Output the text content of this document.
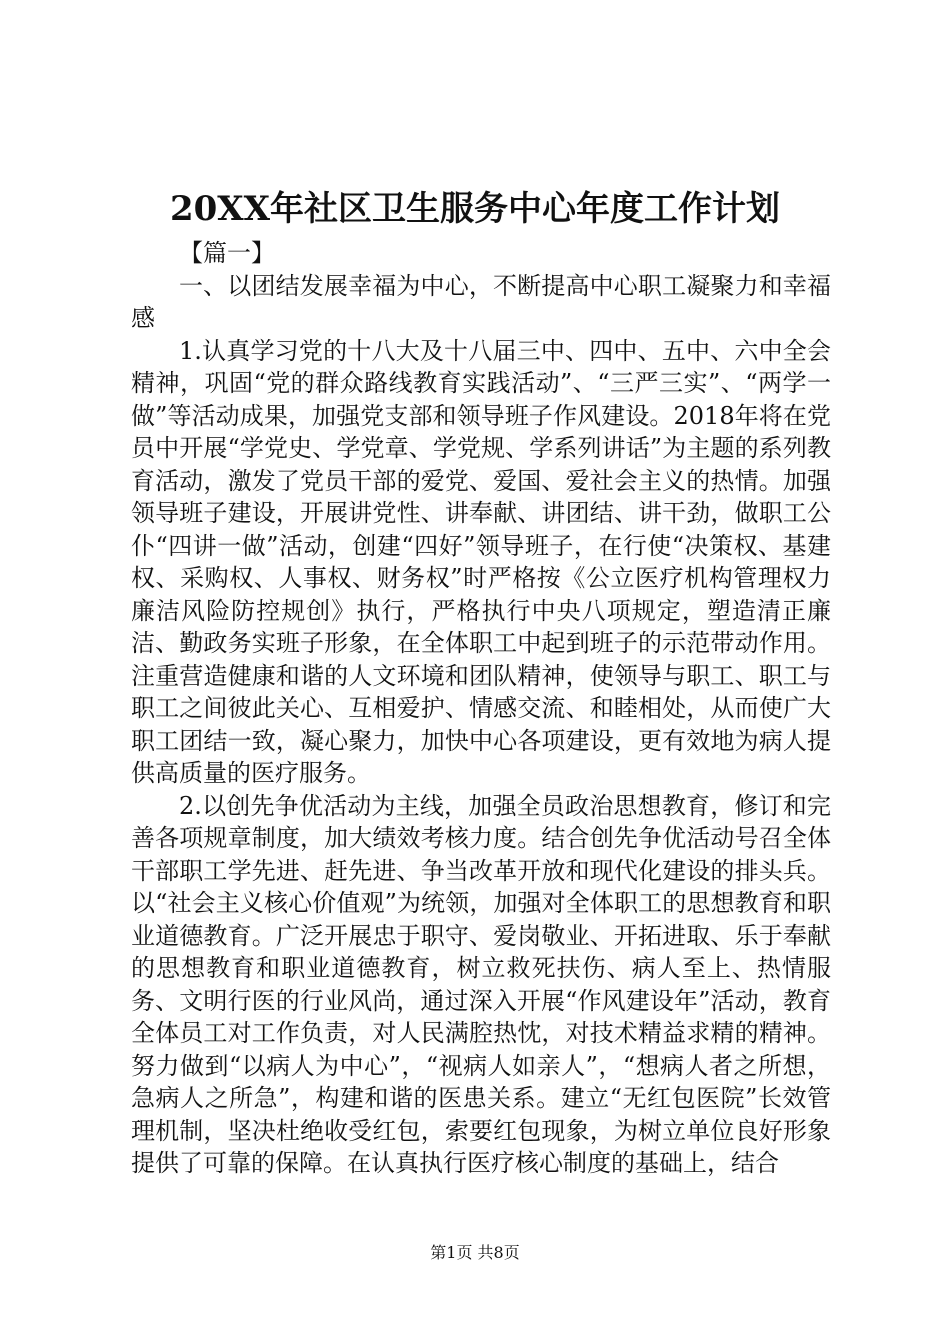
20XX年社区卫生服务中心年度工作计划

【篇一】

一、以团结发展幸福为中心，不断提高中心职工凝聚力和幸福感

1.认真学习党的十八大及十八届三中、四中、五中、六中全会精神，巩固“党的群众路线教育实践活动”、“三严三实”、“两学一做”等活动成果，加强党支部和领导班子作风建设。2018年将在党员中开展“学党史、学党章、学党规、学系列讲话”为主题的系列教育活动，激发了党员干部的爱党、爱国、爱社会主义的热情。加强领导班子建设，开展讲党性、讲奉献、讲团结、讲干劲，做职工公仆“四讲一做”活动，创建“四好”领导班子，在行使“决策权、基建权、采购权、人事权、财务权”时严格按《公立医疗机构管理权力廉洁风险防控规创》执行，严格执行中央八项规定，塑造清正廉洁、勤政务实班子形象，在全体职工中起到班子的示范带动作用。注重营造健康和谐的人文环境和团队精神，使领导与职工、职工与职工之间彼此关心、互相爱护、情感交流、和睦相处，从而使广大职工团结一致，凝心聚力，加快中心各项建设，更有效地为病人提供高质量的医疗服务。

2.以创先争优活动为主线，加强全员政治思想教育，修订和完善各项规章制度，加大绩效考核力度。结合创先争优活动号召全体干部职工学先进、赶先进、争当改革开放和现代化建设的排头兵。以“社会主义核心价值观”为统领，加强对全体职工的思想教育和职业道德教育。广泛开展忠于职守、爱岗敬业、开拓进取、乐于奉献的思想教育和职业道德教育，树立救死扶伤、病人至上、热情服务、文明行医的行业风尚，通过深入开展“作风建设年”活动，教育全体员工对工作负责，对人民满腔热忱，对技术精益求精的精神。努力做到“以病人为中心”，“视病人如亲人”，“想病人者之所想，急病人之所急”，构建和谐的医患关系。建立“无红包医院”长效管理机制，坚决杜绝收受红包，索要红包现象，为树立单位良好形象提供了可靠的保障。在认真执行医疗核心制度的基础上，结合

第1页 共8页
